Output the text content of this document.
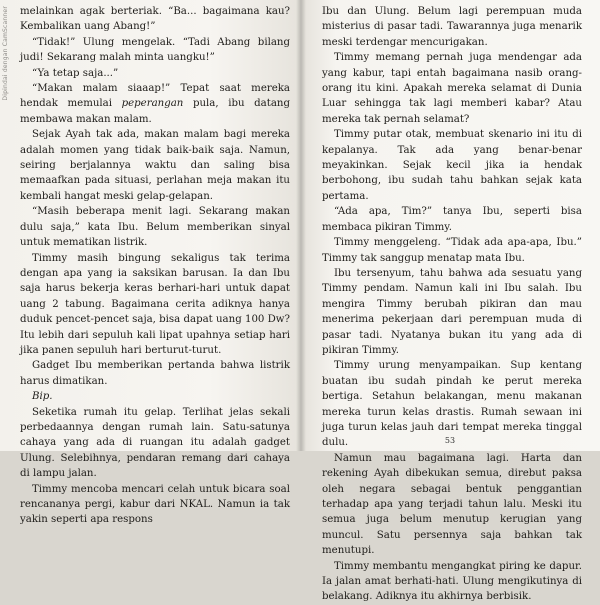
Dipindai dengan CamScanner melainkan agak berteriak. “Ba... bagaimana kau? Kembalikan uang Abang!”

“Tidak!” Ulung mengelak. “Tadi Abang bilang judi! Sekarang malah minta uangku!”

“Ya tetap saja...”

“Makan malam siaaap!” Tepat saat mereka hendak memulai peperangan pula, ibu datang membawa makan malam.

Sejak Ayah tak ada, makan malam bagi mereka adalah momen yang tidak baik-baik saja. Namun, seiring berjalannya waktu dan saling bisa memaafkan pada situasi, perlahan meja makan itu kembali hangat meski gelap-gelapan.

“Masih beberapa menit lagi. Sekarang makan dulu saja,” kata Ibu. Belum memberikan sinyal untuk mematikan listrik.

Timmy masih bingung sekaligus tak terima dengan apa yang ia saksikan barusan. Ia dan Ibu saja harus bekerja keras berhari-hari untuk dapat uang 2 tabung. Bagaimana cerita adiknya hanya duduk pencet-pencet saja, bisa dapat uang 100 Dw? Itu lebih dari sepuluh kali lipat upahnya setiap hari jika panen sepuluh hari berturut-turut.

Gadget Ibu memberikan pertanda bahwa listrik harus dimatikan.

Bip.

Seketika rumah itu gelap. Terlihat jelas sekali perbedaannya dengan rumah lain. Satu-satunya cahaya yang ada di ruangan itu adalah gadget Ulung. Selebihnya, pendaran remang dari cahaya di lampu jalan.

Timmy mencoba mencari celah untuk bicara soal rencananya pergi, kabur dari NKAL. Namun ia tak yakin seperti apa respons

Ibu dan Ulung. Belum lagi perempuan muda misterius di pasar tadi. Tawarannya juga menarik meski terdengar mencurigakan.

Timmy memang pernah juga mendengar ada yang kabur, tapi entah bagaimana nasib orang-orang itu kini. Apakah mereka selamat di Dunia Luar sehingga tak lagi memberi kabar? Atau mereka tak pernah selamat?

Timmy putar otak, membuat skenario ini itu di kepalanya. Tak ada yang benar-benar meyakinkan. Sejak kecil jika ia hendak berbohong, ibu sudah tahu bahkan sejak kata pertama.

“Ada apa, Tim?” tanya Ibu, seperti bisa membaca pikiran Timmy.

Timmy menggeleng. “Tidak ada apa-apa, Ibu.” Timmy tak sanggup menatap mata Ibu.

Ibu tersenyum, tahu bahwa ada sesuatu yang Timmy pendam. Namun kali ini Ibu salah. Ibu mengira Timmy berubah pikiran dan mau menerima pekerjaan dari perempuan muda di pasar tadi. Nyatanya bukan itu yang ada di pikiran Timmy.

Timmy urung menyampaikan. Sup kentang buatan ibu sudah pindah ke perut mereka bertiga. Setahun belakangan, menu makanan mereka turun kelas drastis. Rumah sewaan ini juga turun kelas jauh dari tempat mereka tinggal dulu.

Namun mau bagaimana lagi. Harta dan rekening Ayah dibekukan semua, direbut paksa oleh negara sebagai bentuk penggantian terhadap apa yang terjadi tahun lalu. Meski itu semua juga belum menutup kerugian yang muncul. Satu persennya saja bahkan tak menutupi.

Timmy membantu mengangkat piring ke dapur. Ia jalan amat berhati-hati. Ulung mengikutinya di belakang. Adiknya itu akhirnya berbisik.

53
